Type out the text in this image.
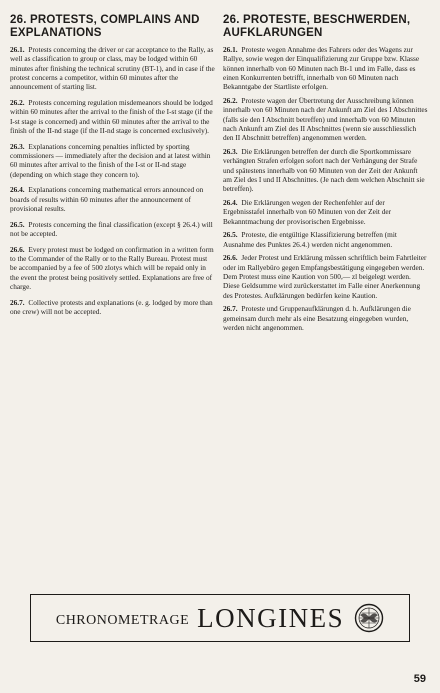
26. PROTESTS, COMPLAINS AND EXPLANATIONS

26.1. Protests concerning the driver or car acceptance to the Rally, as well as classification to group or class, may be lodged within 60 minutes after finishing the technical scrutiny (BT-1), and in case if the protest concerns a competitor, within 60 minutes after the announcement of starting list.

26.2. Protests concerning regulation misdemeanors should be lodged within 60 minutes after the arrival to the finish of the I-st stage (if the I-st stage is concerned) and within 60 minutes after the arrival to the finish of the II-nd stage (if the II-nd stage is concerned exclusively).

26.3. Explanations concerning penalties inflicted by sporting commissioners — immediately after the decision and at latest within 60 minutes after arrival to the finish of the I-st or II-nd stage (depending on which stage they concern to).

26.4. Explanations concerning mathematical errors announced on boards of results within 60 minutes after the announcement of provisional results.

26.5. Protests concerning the final classification (except § 26.4.) will not be accepted.

26.6. Every protest must be lodged on confirmation in a written form to the Commander of the Rally or to the Rally Bureau. Protest must be accompanied by a fee of 500 zlotys which will be repaid only in the event the protest being positively settled. Explanations are free of charge.

26.7. Collective protests and explanations (e. g. lodged by more than one crew) will not be accepted.

26. PROTESTE, BESCHWERDEN, AUFKLARUNGEN

26.1. Proteste wegen Annahme des Fahrers oder des Wagens zur Rallye, sowie wegen der Einqualifizierung zur Gruppe bzw. Klasse können innerhalb von 60 Minuten nach Bt-1 und im Falle, dass es einen Konkurrenten betrifft, innerhalb von 60 Minuten nach Bekanntgabe der Startliste erfolgen.

26.2. Proteste wagen der Übertretung der Ausschreibung können innerhalb von 60 Minuten nach der Ankunft am Ziel des I Abschnittes (falls sie den I Abschnitt betreffen) und innerhalb von 60 Minuten nach Ankunft am Ziel des II Abschnittes (wenn sie ausschliesslich den II Abschnitt betreffen) angenommen werden.

26.3. Die Erklärungen betreffen der durch die Sportkommissare verhängten Strafen erfolgen sofort nach der Verhängung der Strafe und spätestens innerhalb von 60 Minuten von der Zeit der Ankunft am Ziel des I und II Abschnittes. (Je nach dem welchen Abschnitt sie betreffen).

26.4. Die Erklärungen wegen der Rechenfehler auf der Ergebnisstafel innerhalb von 60 Minuten von der Zeit der Bekanntmachung der provisorischen Ergebnisse.

26.5. Proteste, die entgültige Klassifizierung betreffen (mit Ausnahme des Punktes 26.4.) werden nicht angenommen.

26.6. Jeder Protest und Erklärung müssen schriftlich beim Fahrtleiter oder im Rallyebüro gegen Empfangsbestätigung eingegeben werden. Dem Protest muss eine Kaution von 500,— zl beigelegt werden. Diese Geldsumme wird zurückerstattet im Falle einer Anerkennung des Protestes. Aufklärungen bedürfen keine Kaution.

26.7. Proteste und Gruppenaufklärungen d. h. Aufklärungen die gemeinsam durch mehr als eine Besatzung eingegeben wurden, werden nicht angenommen.

CHRONOMETRAGE LONGINES
59
